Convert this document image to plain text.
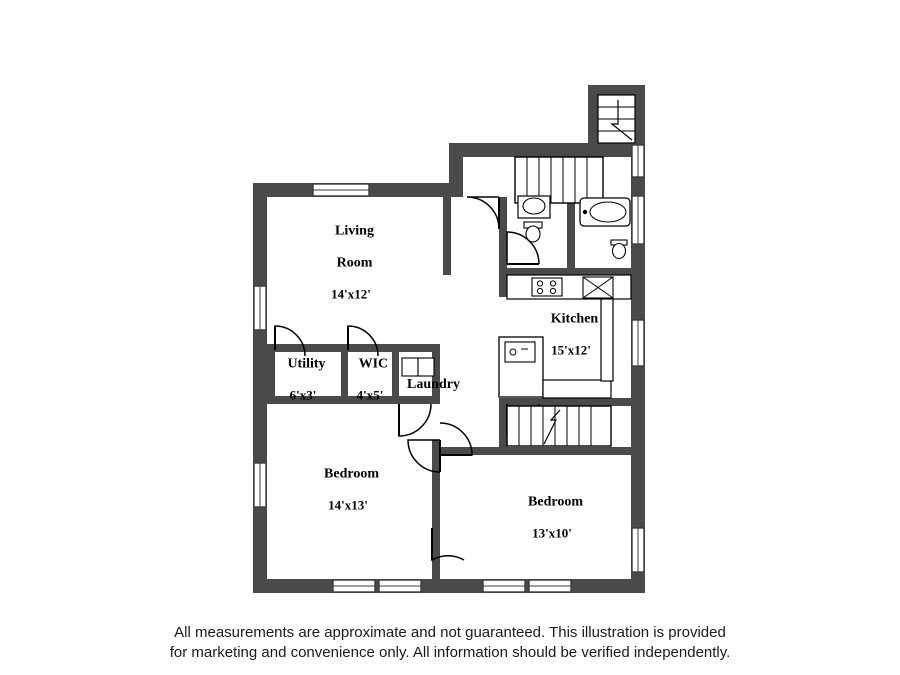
Living

Room

14'x12'

Kitchen

15'x12'

Utility

6'x3'

WIC

4'x5'

Laundry

Bedroom

14'x13'	Bedroom

13'x10'

All measurements are approximate and not guaranteed. This illustration is provided
for marketing and convenience only. All information should be verified independently.
